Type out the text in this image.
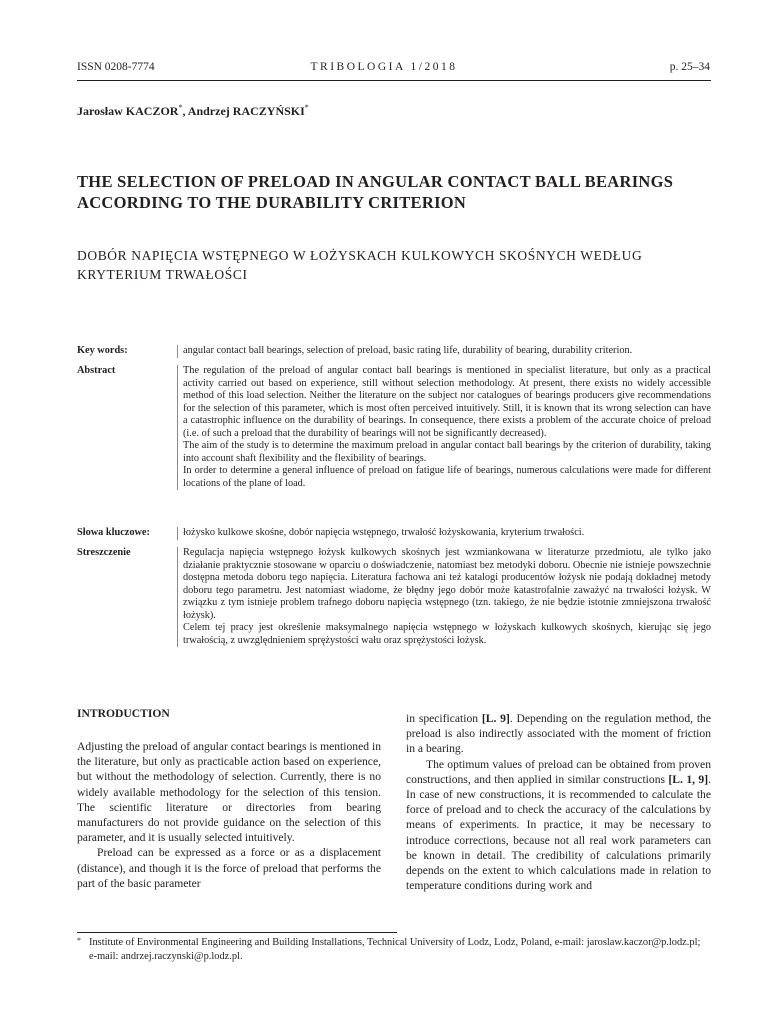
ISSN 0208-7774	TRIBOLOGIA 1/2018	p. 25–34
Jarosław KACZOR*, Andrzej RACZYŃSKI*
THE SELECTION OF PRELOAD IN ANGULAR CONTACT BALL BEARINGS ACCORDING TO THE DURABILITY CRITERION
DOBÓR NAPIĘCIA WSTĘPNEGO W ŁOŻYSKACH KULKOWYCH SKOŚNYCH WEDŁUG KRYTERIUM TRWAŁOŚCI
Key words:	angular contact ball bearings, selection of preload, basic rating life, durability of bearing, durability criterion.
Abstract	The regulation of the preload of angular contact ball bearings is mentioned in specialist literature, but only as a practical activity carried out based on experience, still without selection methodology. At present, there exists no widely accessible method of this load selection. Neither the literature on the subject nor catalogues of bearings producers give recommendations for the selection of this parameter, which is most often perceived intuitively. Still, it is known that its wrong selection can have a catastrophic influence on the durability of bearings. In consequence, there exists a problem of the accurate choice of preload (i.e. of such a preload that the durability of bearings will not be significantly decreased).

The aim of the study is to determine the maximum preload in angular contact ball bearings by the criterion of durability, taking into account shaft flexibility and the flexibility of bearings.

In order to determine a general influence of preload on fatigue life of bearings, numerous calculations were made for different locations of the plane of load.

Słowa kluczowe:	łożysko kulkowe skośne, dobór napięcia wstępnego, trwałość łożyskowania, kryterium trwałości.
Streszczenie	Regulacja napięcia wstępnego łożysk kulkowych skośnych jest wzmiankowana w literaturze przedmiotu, ale tylko jako działanie praktycznie stosowane w oparciu o doświadczenie, natomiast bez metodyki doboru. Obecnie nie istnieje powszechnie dostępna metoda doboru tego napięcia. Literatura fachowa ani też katalogi producentów łożysk nie podają dokładnej metody doboru tego parametru. Jest natomiast wiadome, że błędny jego dobór może katastrofalnie zaważyć na trwałości łożysk. W związku z tym istnieje problem trafnego doboru napięcia wstępnego (tzn. takiego, że nie będzie istotnie zmniejszona trwałość łożysk).

Celem tej pracy jest określenie maksymalnego napięcia wstępnego w łożyskach kulkowych skośnych, kierując się jego trwałością, z uwzględnieniem sprężystości wału oraz sprężystości łożysk.

INTRODUCTION

Adjusting the preload of angular contact bearings is mentioned in the literature, but only as practicable action based on experience, but without the methodology of selection. Currently, there is no widely available methodology for the selection of this tension. The scientific literature or directories from bearing manufacturers do not provide guidance on the selection of this parameter, and it is usually selected intuitively.

Preload can be expressed as a force or as a displacement (distance), and though it is the force of preload that performs the part of the basic parameter

in specification [L. 9]. Depending on the regulation method, the preload is also indirectly associated with the moment of friction in a bearing.

The optimum values of preload can be obtained from proven constructions, and then applied in similar constructions [L. 1, 9]. In case of new constructions, it is recommended to calculate the force of preload and to check the accuracy of the calculations by means of experiments. In practice, it may be necessary to introduce corrections, because not all real work parameters can be known in detail. The credibility of calculations primarily depends on the extent to which calculations made in relation to temperature conditions during work and

* Institute of Environmental Engineering and Building Installations, Technical University of Lodz, Lodz, Poland, e-mail: jaroslaw.kaczor@p.lodz.pl; e-mail: andrzej.raczynski@p.lodz.pl.
